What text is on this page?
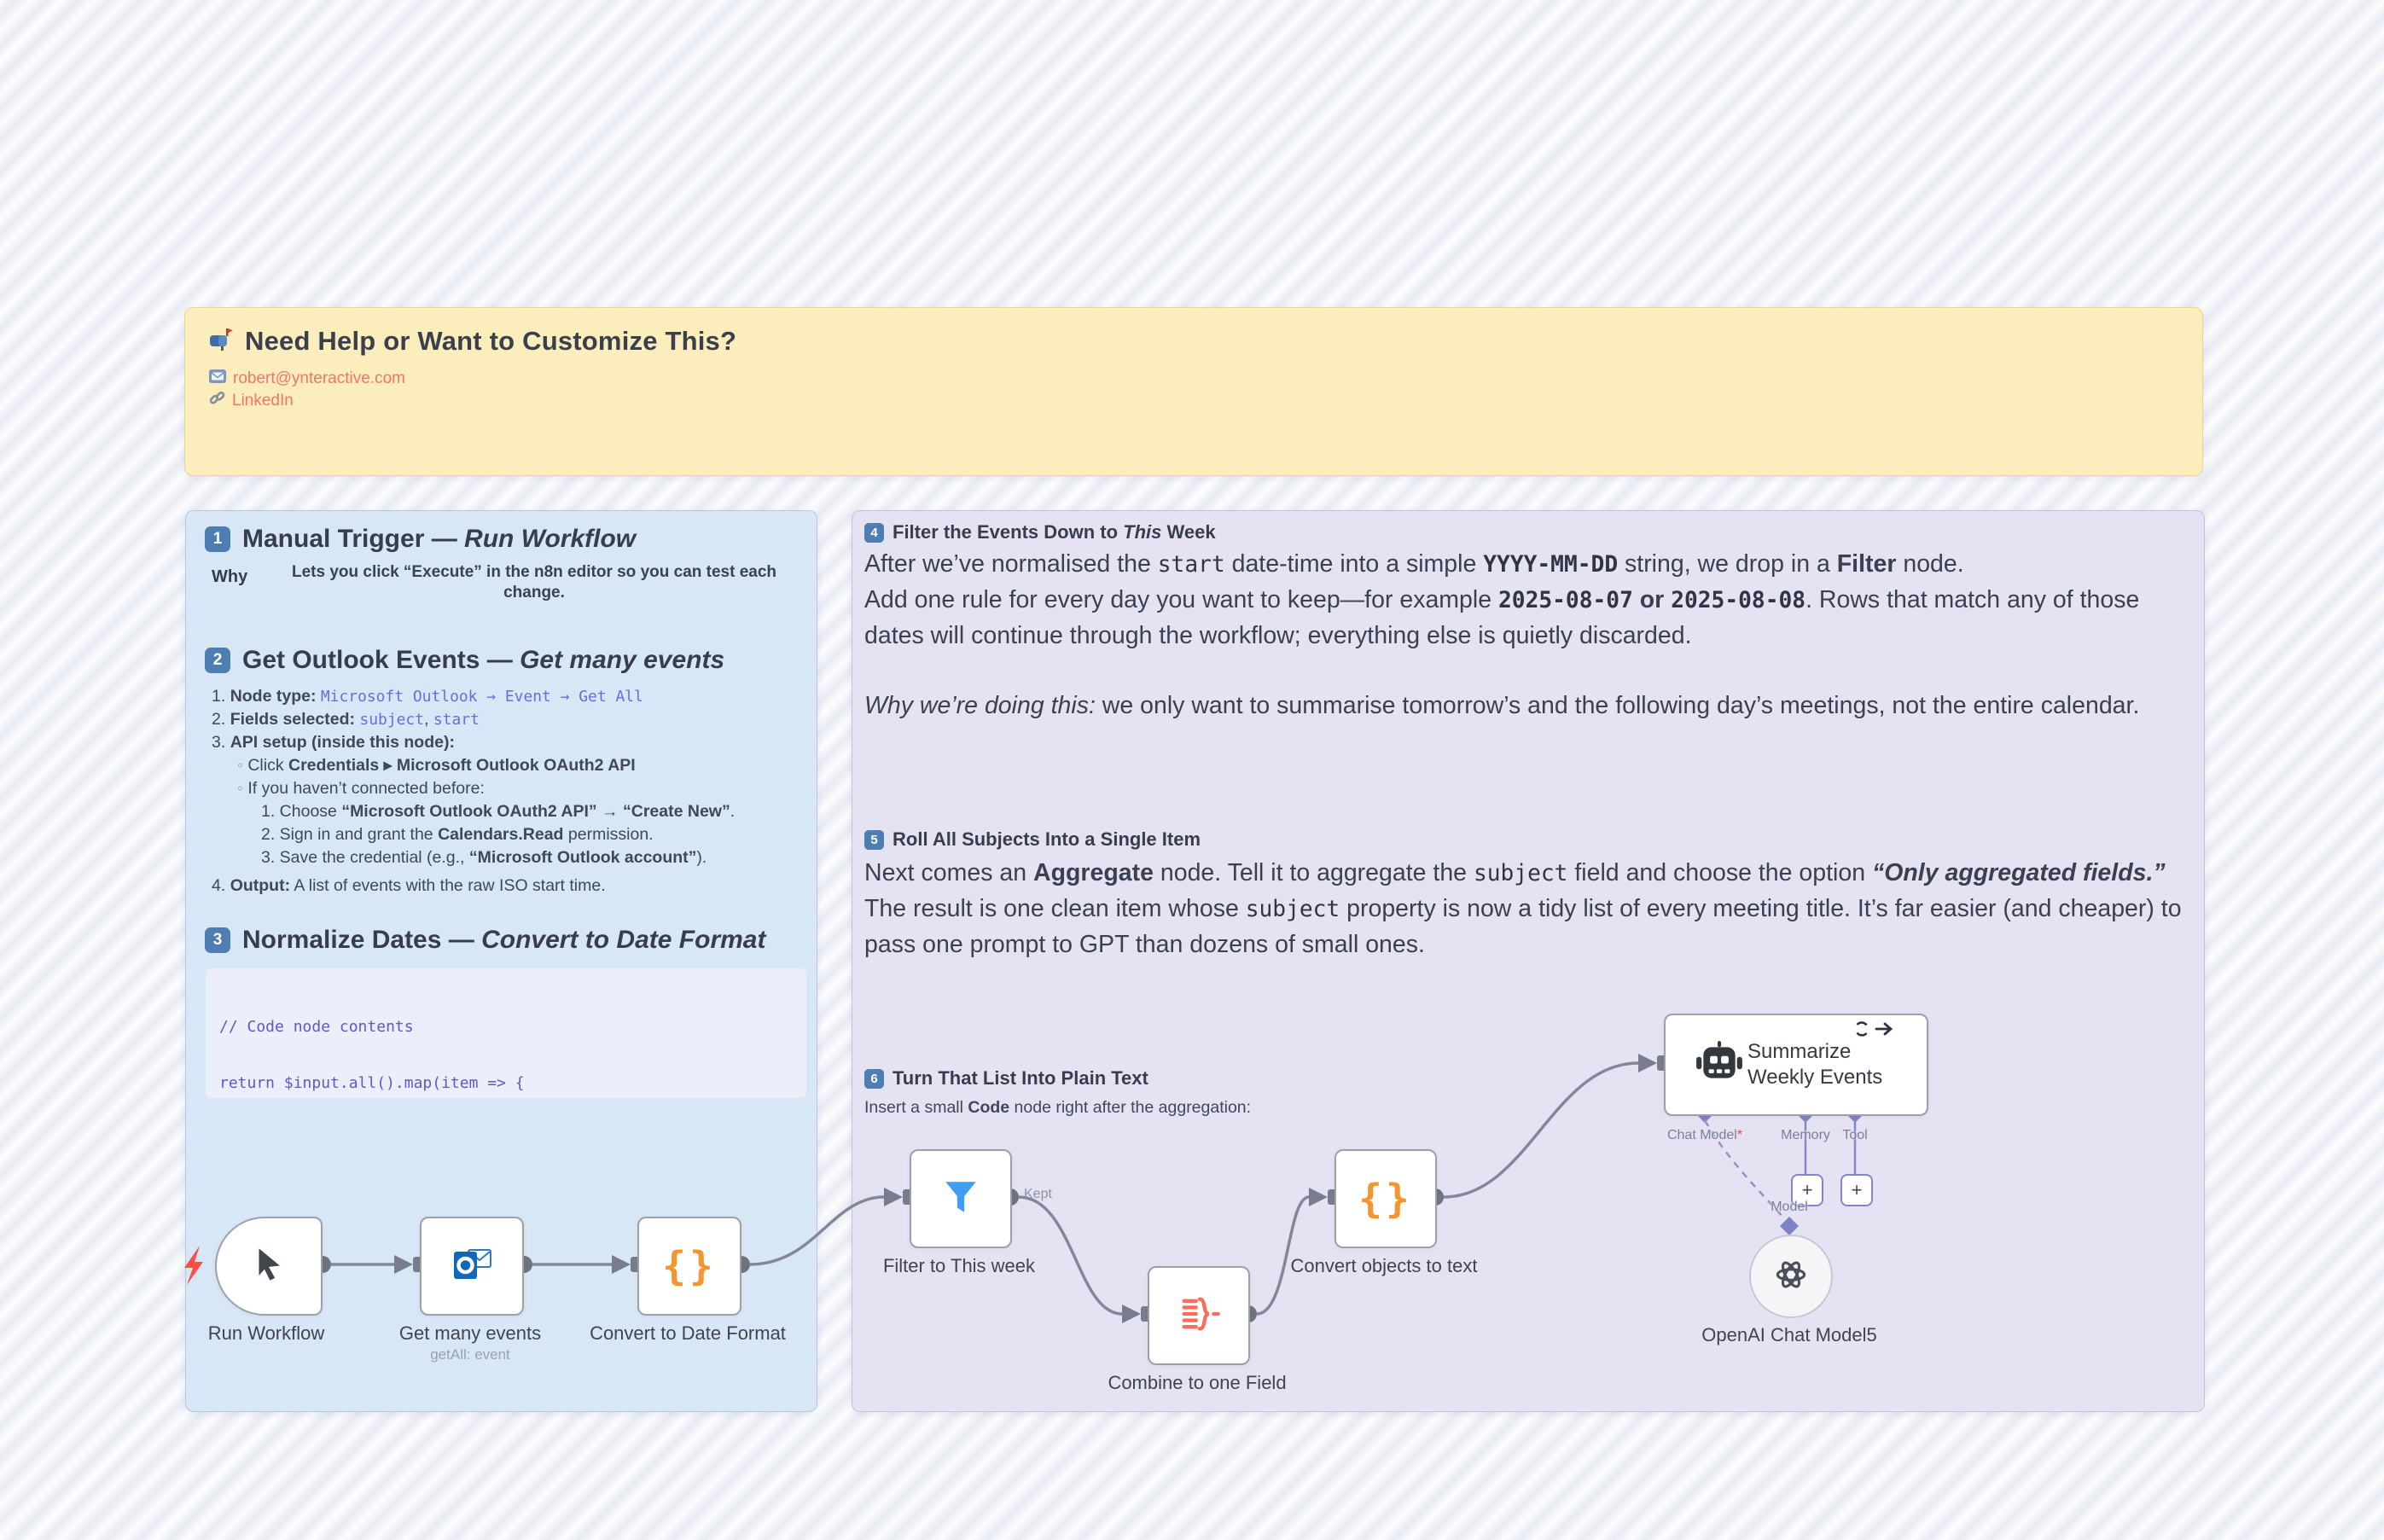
Need Help or Want to Customize This?
robert@ynteractive.com
LinkedIn
1 Manual Trigger — Run Workflow
Why	Lets you click “Execute” in the n8n editor so you can test each change.
2 Get Outlook Events — Get many events
1. Node type: Microsoft Outlook → Event → Get All
2. Fields selected: subject, start
3. API setup (inside this node):
◦ Click Credentials ▸ Microsoft Outlook OAuth2 API
◦ If you haven’t connected before:
1. Choose “Microsoft Outlook OAuth2 API” → “Create New”.
2. Sign in and grant the Calendars.Read permission.
3. Save the credential (e.g., “Microsoft Outlook account”).
4. Output: A list of events with the raw ISO start time.
3 Normalize Dates — Convert to Date Format

// Code node contents

return $input.all().map(item => {

4 Filter the Events Down to This Week
After we’ve normalised the start date-time into a simple YYYY-MM-DD string, we drop in a Filter node.
Add one rule for every day you want to keep—for example 2025-08-07 or 2025-08-08. Rows that match any of those dates will continue through the workflow; everything else is quietly discarded.
Why we’re doing this: we only want to summarise tomorrow’s and the following day’s meetings, not the entire calendar.
5 Roll All Subjects Into a Single Item
Next comes an Aggregate node. Tell it to aggregate the subject field and choose the option “Only aggregated fields.”
The result is one clean item whose subject property is now a tidy list of every meeting title. It’s far easier (and cheaper) to pass one prompt to GPT than dozens of small ones.
6 Turn That List Into Plain Text
Insert a small Code node right after the aggregation:
Kept
Run Workflow	Get many events
getAll: event
{}
Convert to Date Format
Filter to This week
Combine to one Field
{}
Convert objects to text
Summarize
Weekly Events
Chat Model*	Memory Tool
+ +
Model
OpenAI Chat Model5
